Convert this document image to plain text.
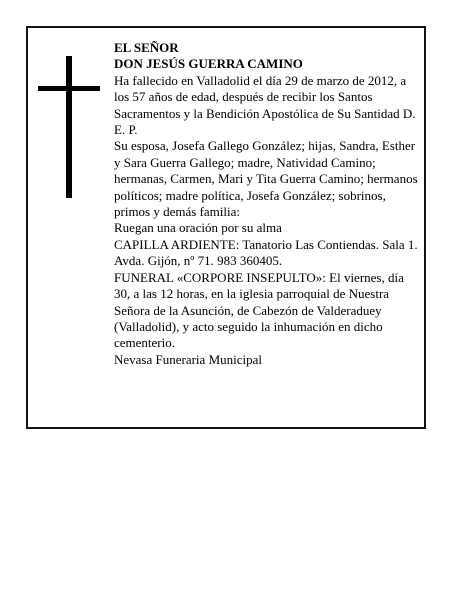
EL SEÑOR

DON JESÚS GUERRA CAMINO

Ha fallecido en Valladolid el día 29 de marzo de 2012, a los 57 años de edad, después de recibir los Santos Sacramentos y la Bendición Apostólica de Su Santidad D. E. P.

Su esposa, Josefa Gallego González; hijas, Sandra, Esther y Sara Guerra Gallego; madre, Natividad Camino; hermanas, Carmen, Mari y Tita Guerra Camino; hermanos políticos; madre política, Josefa González; sobrinos, primos y demás familia:

Ruegan una oración por su alma

CAPILLA ARDIENTE: Tanatorio Las Contiendas. Sala 1. Avda. Gijón, nº 71. 983 360405.

FUNERAL «CORPORE INSEPULTO»: El viernes, día 30, a las 12 horas, en la iglesia parroquial de Nuestra Señora de la Asunción, de Cabezón de Valderaduey (Valladolid), y acto seguido la inhumación en dicho cementerio.

Nevasa Funeraria Municipal
